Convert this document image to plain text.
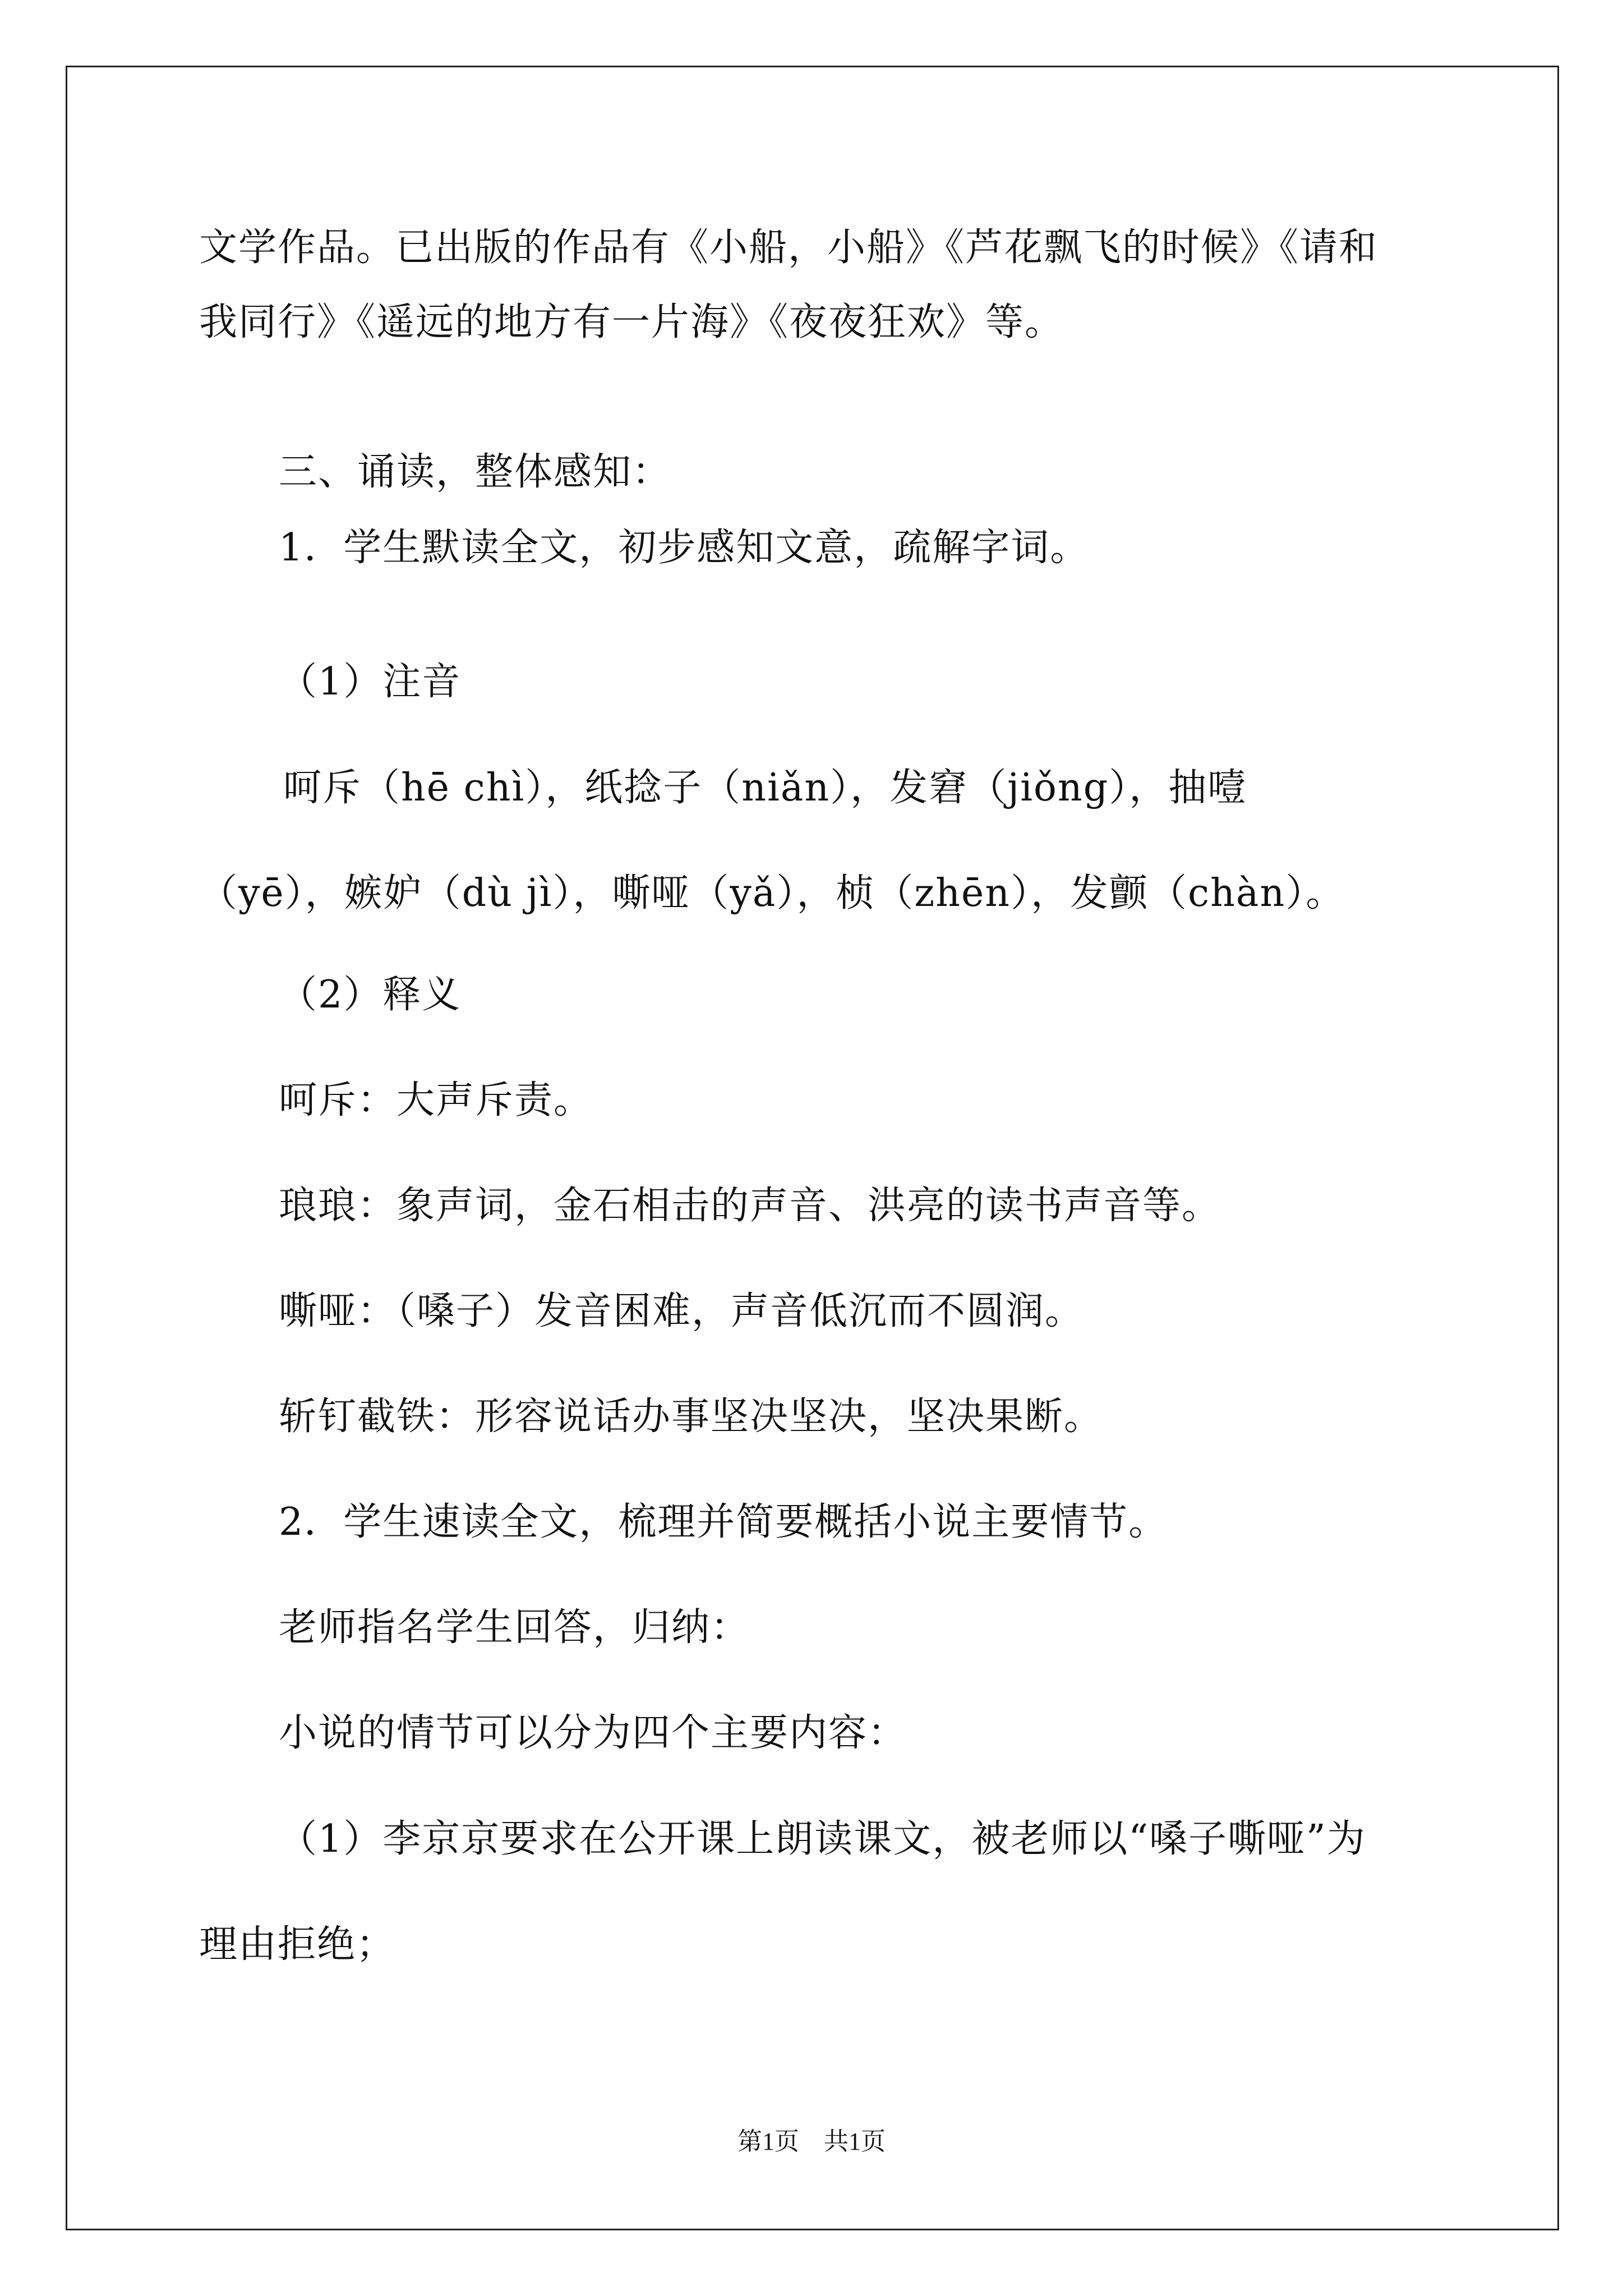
文学作品。已出版的作品有《小船，小船》《芦花飘飞的时候》《请和
我同行》《遥远的地方有一片海》《夜夜狂欢》等。
三、诵读，整体感知：
1．学生默读全文，初步感知文意，疏解字词。
（1）注音
呵斥（hē chì），纸捻子（niǎn），发窘（jiǒng），抽噎
（yē），嫉妒（dù jì），嘶哑（yǎ），桢（zhēn），发颤（chàn）。
（2）释义
呵斥：大声斥责。
琅琅：象声词，金石相击的声音、洪亮的读书声音等。
嘶哑：（嗓子）发音困难，声音低沉而不圆润。
斩钉截铁：形容说话办事坚决坚决，坚决果断。
2．学生速读全文，梳理并简要概括小说主要情节。
老师指名学生回答，归纳：
小说的情节可以分为四个主要内容：
（1）李京京要求在公开课上朗读课文，被老师以“嗓子嘶哑”为
理由拒绝；
第1页　共1页
